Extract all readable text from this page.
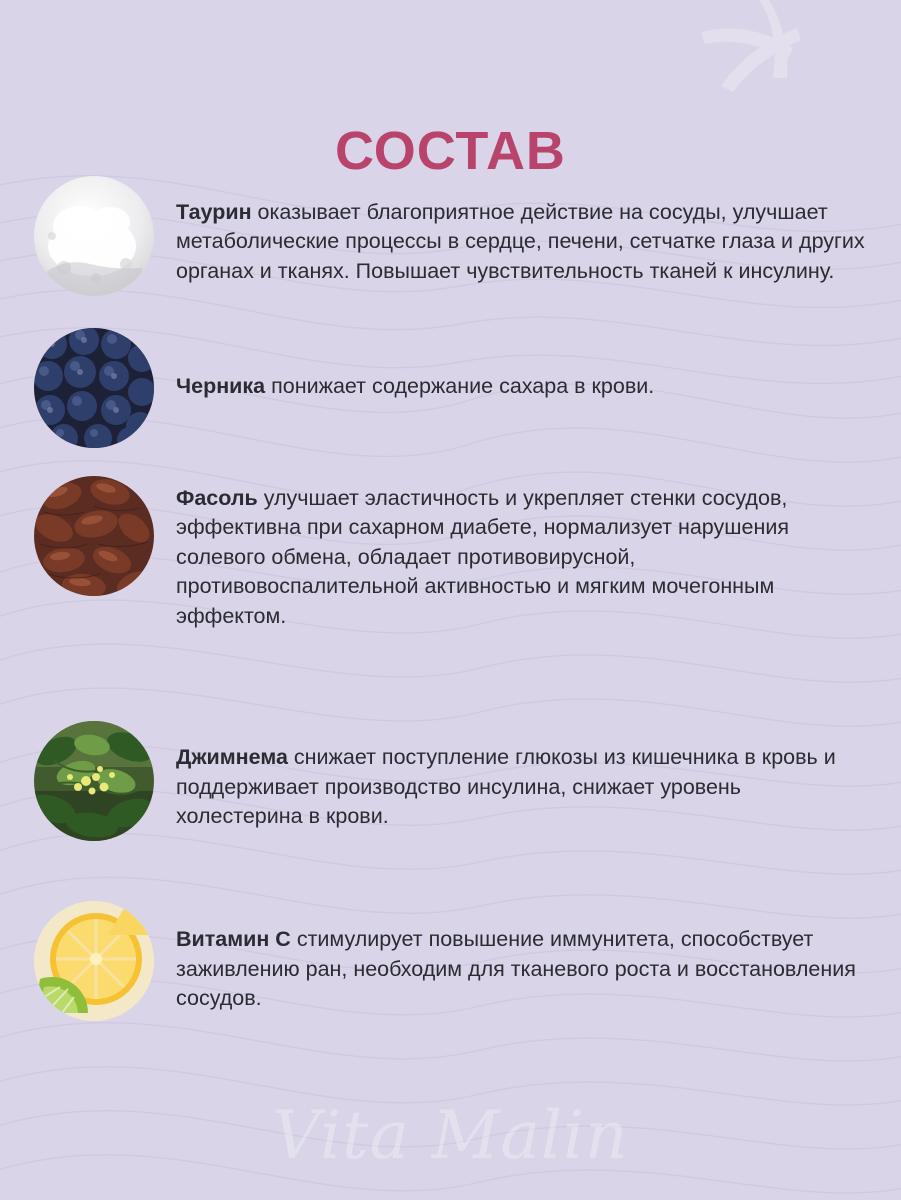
Vita Malin
СОСТАВ
Таурин оказывает благоприятное действие на сосуды, улучшает метаболические процессы в сердце, печени, сетчатке глаза и других органах и тканях. Повышает чувствительность тканей к инсулину.
Черника понижает содержание сахара в крови.
Фасоль улучшает эластичность и укрепляет стенки сосудов, эффективна при сахарном диабете, нормализует нарушения солевого обмена, обладает противовирусной, противовоспалительной активностью и мягким мочегонным эффектом.
Джимнема снижает поступление глюкозы из кишечника в кровь и поддерживает производство инсулина, снижает уровень холестерина в крови.
Витамин C стимулирует повышение иммунитета, способствует заживлению ран, необходим для тканевого роста и восстановления сосудов.
